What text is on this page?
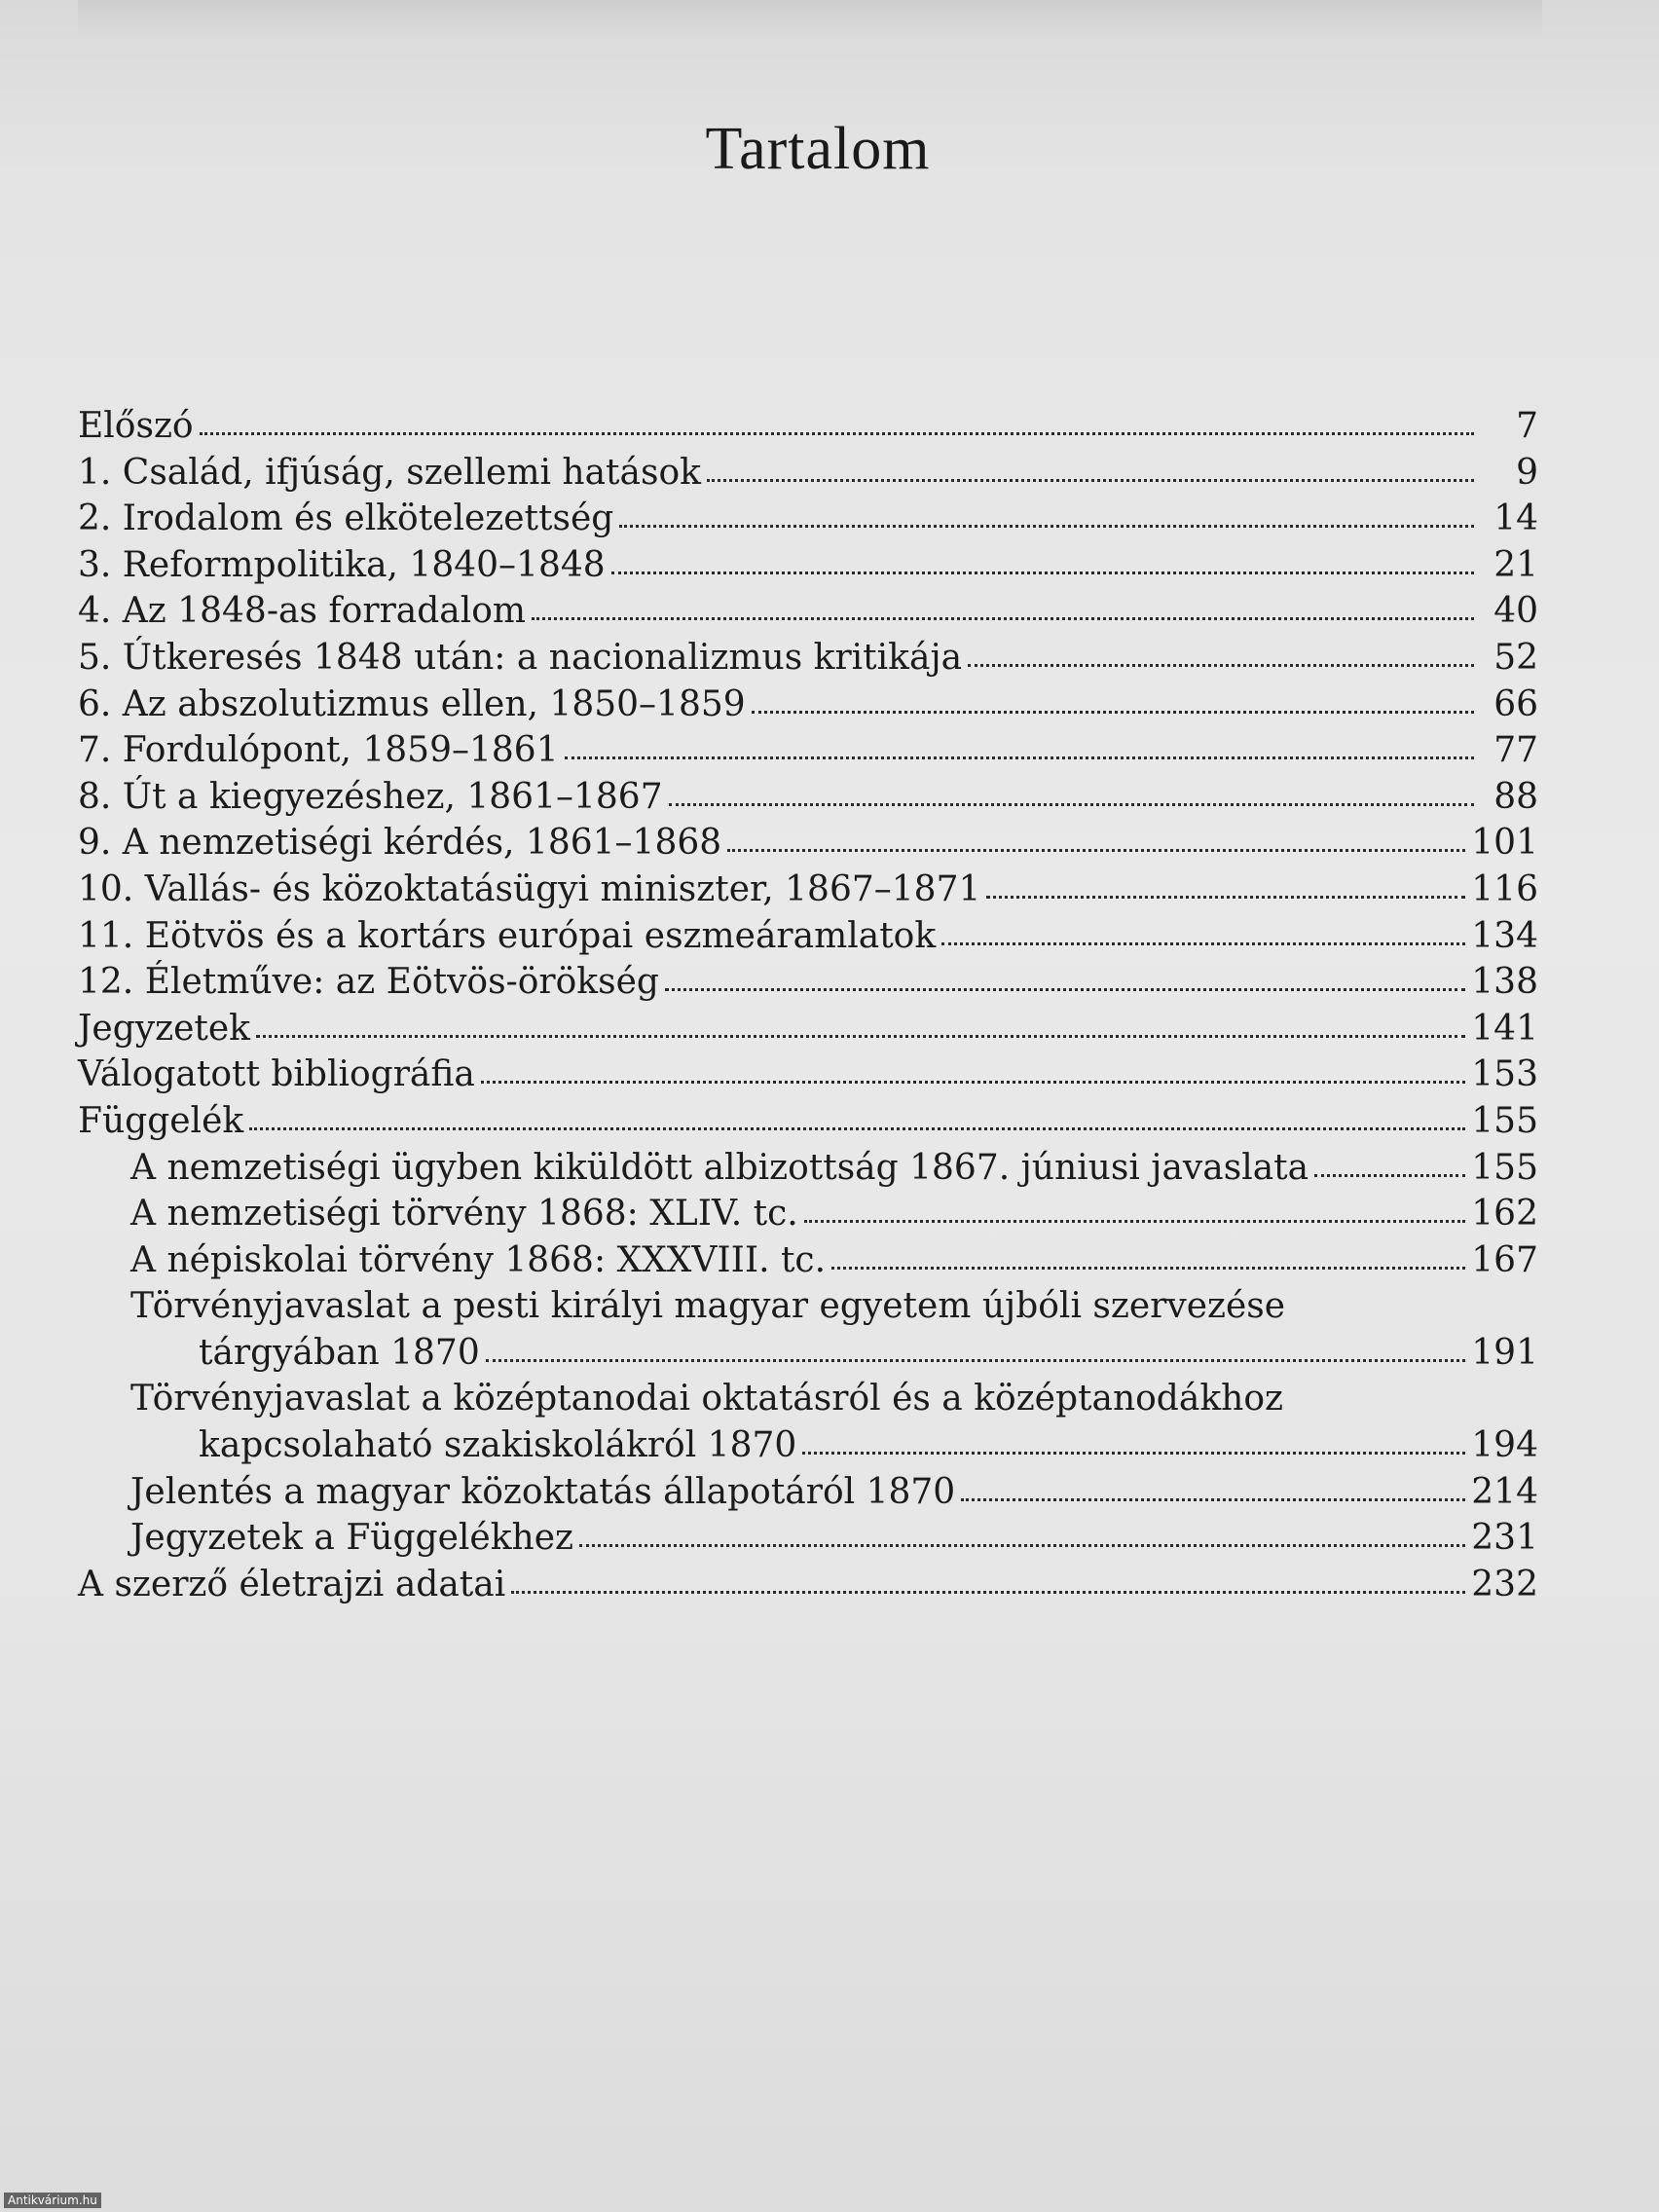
Tartalom
Előszó	7
1. Család, ifjúság, szellemi hatások	9
2. Irodalom és elkötelezettség	14
3. Reformpolitika, 1840–1848	21
4. Az 1848-as forradalom	40
5. Útkeresés 1848 után: a nacionalizmus kritikája	52
6. Az abszolutizmus ellen, 1850–1859	66
7. Fordulópont, 1859–1861	77
8. Út a kiegyezéshez, 1861–1867	88
9. A nemzetiségi kérdés, 1861–1868	101
10. Vallás- és közoktatásügyi miniszter, 1867–1871	116
11. Eötvös és a kortárs európai eszmeáramlatok	134
12. Életműve: az Eötvös-örökség	138
Jegyzetek	141
Válogatott bibliográfia	153
Függelék	155
A nemzetiségi ügyben kiküldött albizottság 1867. júniusi javaslata	155
A nemzetiségi törvény 1868: XLIV. tc.	162
A népiskolai törvény 1868: XXXVIII. tc.	167
Törvényjavaslat a pesti királyi magyar egyetem újbóli szervezése
tárgyában 1870	191
Törvényjavaslat a középtanodai oktatásról és a középtanodákhoz
kapcsolaható szakiskolákról 1870	194
Jelentés a magyar közoktatás állapotáról 1870	214
Jegyzetek a Függelékhez	231
A szerző életrajzi adatai	232
Antikvárium.hu
